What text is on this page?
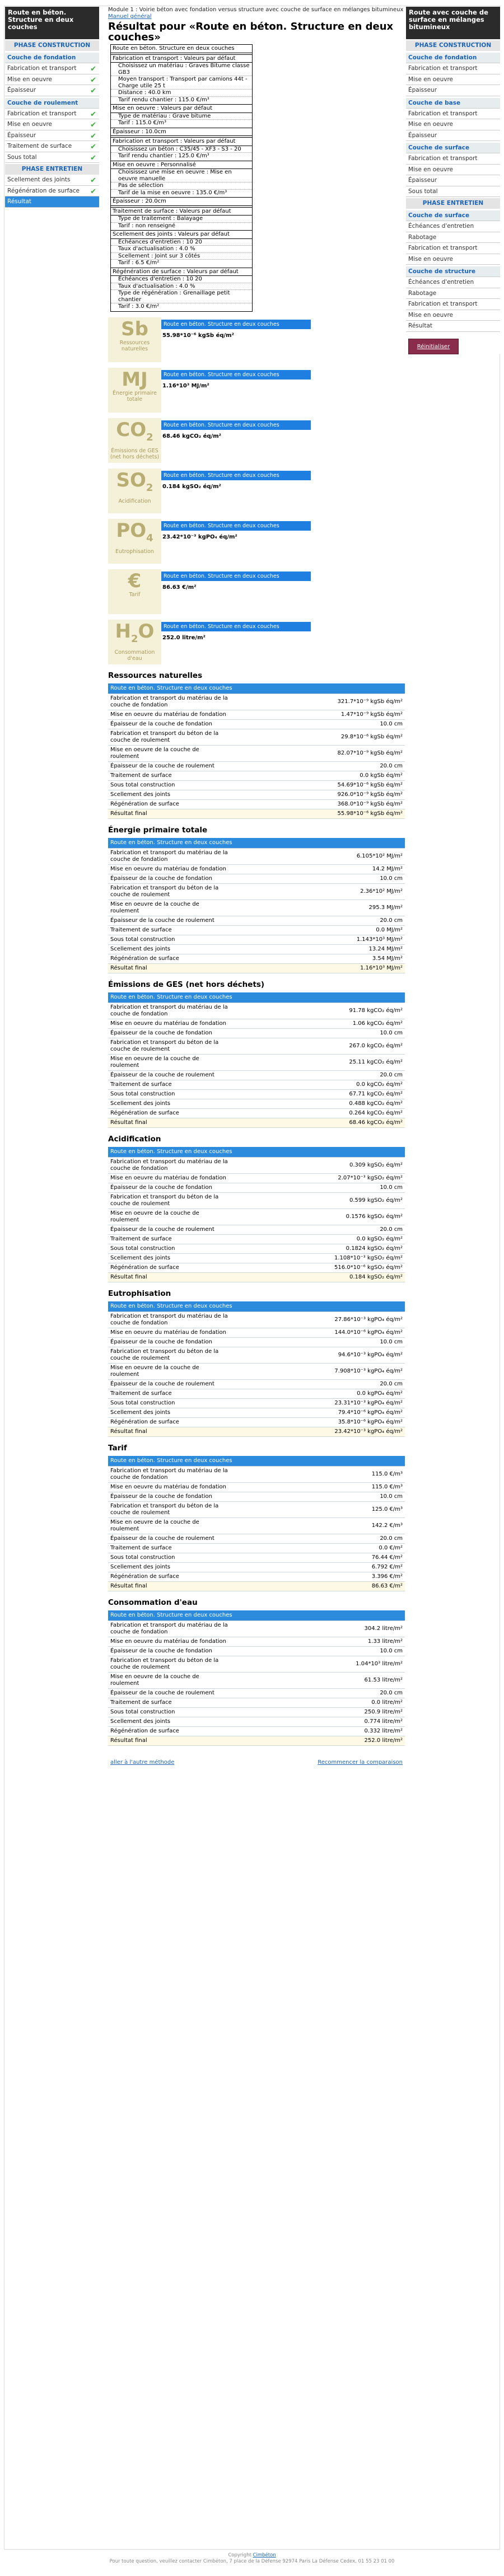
Route en béton. Structure en deux couches
PHASE CONSTRUCTION
Couche de fondation
Fabrication et transport ✔
Mise en oeuvre	✔
Épaisseur	✔
Couche de roulement
Fabrication et transport ✔
Mise en oeuvre	✔
Épaisseur	✔
Traitement de surface	✔
Sous total	✔
PHASE ENTRETIEN
Scellement des joints	✔
Régénération de surface ✔
Résultat
Module 1 : Voirie béton avec fondation versus structure avec couche de surface en mélanges bitumineux Manuel général
Résultat pour «Route en béton. Structure en deux couches»
Route en béton. Structure en deux couches
Fabrication et transport : Valeurs par défaut
Choisissez un matériau : Graves Bitume classe GB3
Moyen transport : Transport par camions 44t - Charge utile 25 t
Distance : 40.0 km
Tarif rendu chantier : 115.0 €/m³
Mise en oeuvre : Valeurs par défaut
Type de matériau : Grave bitume
Tarif : 115.0 €/m³
Épaisseur : 10.0cm
Fabrication et transport : Valeurs par défaut
Choisissez un béton : C35/45 - XF3 - S3 - 20
Tarif rendu chantier : 125.0 €/m³
Mise en oeuvre : Personnalisé
Choisissez une mise en oeuvre : Mise en oeuvre manuelle
Pas de sélection
Tarif de la mise en oeuvre : 135.0 €/m³
Épaisseur : 20.0cm
Traitement de surface : Valeurs par défaut
Type de traitement : Balayage
Tarif : non renseigné
Scellement des joints : Valeurs par défaut
Échéances d'entretien : 10 20
Taux d'actualisation : 4.0 %
Scellement : Joint sur 3 côtés
Tarif : 6.5 €/m²
Régénération de surface : Valeurs par défaut
Échéances d'entretien : 10 20
Taux d'actualisation : 4.0 %
Type de régénération : Grenaillage petit chantier
Tarif : 3.0 €/m²
Sb
Ressources naturelles
Route en béton. Structure en deux couches
55.98*10⁻⁶ kgSb éq/m²
MJ
Énergie primaire totale
Route en béton. Structure en deux couches
1.16*10³ MJ/m²
$CO_2$
Émissions de GES (net hors déchets)
Route en béton. Structure en deux couches
68.46 kgCO₂ éq/m²
$SO_2$
Acidification
Route en béton. Structure en deux couches
0.184 kgSO₂ éq/m²
$PO_4$
Eutrophisation
Route en béton. Structure en deux couches
23.42*10⁻³ kgPO₄ éq/m²
€
Tarif
Route en béton. Structure en deux couches
86.63 €/m²
$H_2O$
Consommation d'eau
Route en béton. Structure en deux couches
252.0 litre/m²
Ressources naturelles
Route en béton. Structure en deux couches	
Fabrication et transport du matériau de la couche de fondation	321.7*10⁻⁹ kgSb éq/m²
Mise en oeuvre du matériau de fondation	1.47*10⁻⁹ kgSb éq/m²
Épaisseur de la couche de fondation	10.0 cm
Fabrication et transport du béton de la couche de roulement	29.8*10⁻⁶ kgSb éq/m²
Mise en oeuvre de la couche de roulement	82.07*10⁻⁹ kgSb éq/m²
Épaisseur de la couche de roulement	20.0 cm
Traitement de surface	0.0 kgSb éq/m²
Sous total construction	54.69*10⁻⁶ kgSb éq/m²
Scellement des joints	926.0*10⁻⁹ kgSb éq/m²
Régénération de surface	368.0*10⁻⁹ kgSb éq/m²
Résultat final	55.98*10⁻⁶ kgSb éq/m²
Énergie primaire totale
Route en béton. Structure en deux couches	
Fabrication et transport du matériau de la couche de fondation	6.105*10² MJ/m²
Mise en oeuvre du matériau de fondation	14.2 MJ/m²
Épaisseur de la couche de fondation	10.0 cm
Fabrication et transport du béton de la couche de roulement	2.36*10² MJ/m²
Mise en oeuvre de la couche de roulement	295.3 MJ/m²
Épaisseur de la couche de roulement	20.0 cm
Traitement de surface	0.0 MJ/m²
Sous total construction	1.143*10³ MJ/m²
Scellement des joints	13.24 MJ/m²
Régénération de surface	3.54 MJ/m²
Résultat final	1.16*10³ MJ/m²
Émissions de GES (net hors déchets)
Route en béton. Structure en deux couches	
Fabrication et transport du matériau de la couche de fondation	91.78 kgCO₂ éq/m²
Mise en oeuvre du matériau de fondation	1.06 kgCO₂ éq/m²
Épaisseur de la couche de fondation	10.0 cm
Fabrication et transport du béton de la couche de roulement	267.0 kgCO₂ éq/m²
Mise en oeuvre de la couche de roulement	25.11 kgCO₂ éq/m²
Épaisseur de la couche de roulement	20.0 cm
Traitement de surface	0.0 kgCO₂ éq/m²
Sous total construction	67.71 kgCO₂ éq/m²
Scellement des joints	0.488 kgCO₂ éq/m²
Régénération de surface	0.264 kgCO₂ éq/m²
Résultat final	68.46 kgCO₂ éq/m²
Acidification
Route en béton. Structure en deux couches	
Fabrication et transport du matériau de la couche de fondation	0.309 kgSO₂ éq/m²
Mise en oeuvre du matériau de fondation	2.07*10⁻³ kgSO₂ éq/m²
Épaisseur de la couche de fondation	10.0 cm
Fabrication et transport du béton de la couche de roulement	0.599 kgSO₂ éq/m²
Mise en oeuvre de la couche de roulement	0.1576 kgSO₂ éq/m²
Épaisseur de la couche de roulement	20.0 cm
Traitement de surface	0.0 kgSO₂ éq/m²
Sous total construction	0.1824 kgSO₂ éq/m²
Scellement des joints	1.108*10⁻³ kgSO₂ éq/m²
Régénération de surface	516.0*10⁻⁶ kgSO₂ éq/m²
Résultat final	0.184 kgSO₂ éq/m²
Eutrophisation
Route en béton. Structure en deux couches	
Fabrication et transport du matériau de la couche de fondation	27.86*10⁻³ kgPO₄ éq/m²
Mise en oeuvre du matériau de fondation	144.0*10⁻⁶ kgPO₄ éq/m²
Épaisseur de la couche de fondation	10.0 cm
Fabrication et transport du béton de la couche de roulement	94.6*10⁻³ kgPO₄ éq/m²
Mise en oeuvre de la couche de roulement	7.908*10⁻³ kgPO₄ éq/m²
Épaisseur de la couche de roulement	20.0 cm
Traitement de surface	0.0 kgPO₄ éq/m²
Sous total construction	23.31*10⁻³ kgPO₄ éq/m²
Scellement des joints	79.4*10⁻⁶ kgPO₄ éq/m²
Régénération de surface	35.8*10⁻⁶ kgPO₄ éq/m²
Résultat final	23.42*10⁻³ kgPO₄ éq/m²
Tarif
Route en béton. Structure en deux couches	
Fabrication et transport du matériau de la couche de fondation	115.0 €/m³
Mise en oeuvre du matériau de fondation	115.0 €/m³
Épaisseur de la couche de fondation	10.0 cm
Fabrication et transport du béton de la couche de roulement	125.0 €/m³
Mise en oeuvre de la couche de roulement	142.2 €/m³
Épaisseur de la couche de roulement	20.0 cm
Traitement de surface	0.0 €/m²
Sous total construction	76.44 €/m²
Scellement des joints	6.792 €/m²
Régénération de surface	3.396 €/m²
Résultat final	86.63 €/m²
Consommation d'eau
Route en béton. Structure en deux couches	
Fabrication et transport du matériau de la couche de fondation	304.2 litre/m²
Mise en oeuvre du matériau de fondation	1.33 litre/m²
Épaisseur de la couche de fondation	10.0 cm
Fabrication et transport du béton de la couche de roulement	1.04*10³ litre/m²
Mise en oeuvre de la couche de roulement	61.53 litre/m²
Épaisseur de la couche de roulement	20.0 cm
Traitement de surface	0.0 litre/m²
Sous total construction	250.9 litre/m²
Scellement des joints	0.774 litre/m²
Régénération de surface	0.332 litre/m²
Résultat final	252.0 litre/m²
aller à l'autre méthode	Recommencer la comparaison
Route avec couche de surface en mélanges bitumineux
PHASE CONSTRUCTION
Couche de fondation
Fabrication et transport
Mise en oeuvre
Épaisseur
Couche de base
Fabrication et transport
Mise en oeuvre
Épaisseur
Couche de surface
Fabrication et transport
Mise en oeuvre
Épaisseur
Sous total
PHASE ENTRETIEN
Couche de surface
Échéances d'entretien
Rabotage
Fabrication et transport
Mise en oeuvre
Couche de structure
Échéances d'entretien
Rabotage
Fabrication et transport
Mise en oeuvre
Résultat
Réinitialiser
Copyright Cimbéton
Pour toute question, veuillez contacter Cimbéton, 7 place de la Défense 92974 Paris La Défense Cedex, 01 55 23 01 00
